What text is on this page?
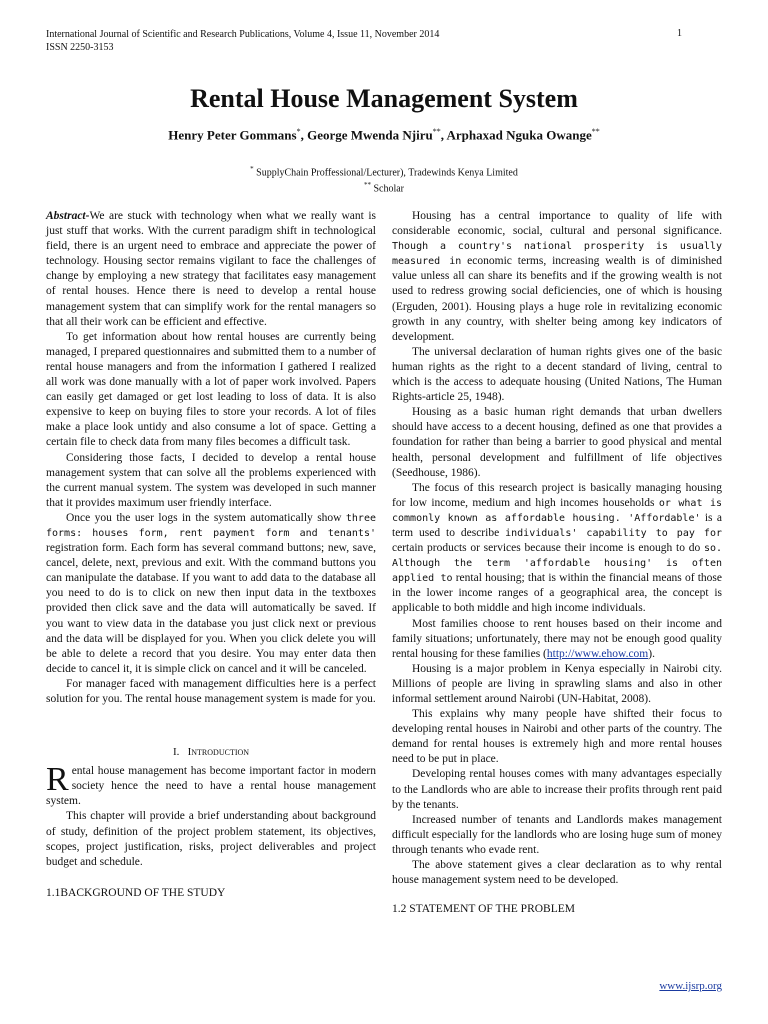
International Journal of Scientific and Research Publications, Volume 4, Issue 11, November 2014
ISSN 2250-3153
1
Rental House Management System
Henry Peter Gommans*, George Mwenda Njiru**, Arphaxad Nguka Owange**
* SupplyChain Proffessional/Lecturer), Tradewinds Kenya Limited
** Scholar

Abstract-We are stuck with technology when what we really want is just stuff that works. With the current paradigm shift in technological field, there is an urgent need to embrace and appreciate the power of technology. Housing sector remains vigilant to face the challenges of change by employing a new strategy that facilitates easy management of rental houses. Hence there is need to develop a rental house management system that can simplify work for the rental managers so that all their work can be efficient and effective.

To get information about how rental houses are currently being managed, I prepared questionnaires and submitted them to a number of rental house managers and from the information I gathered I realized all work was done manually with a lot of paper work involved. Papers can easily get damaged or get lost leading to loss of data. It is also expensive to keep on buying files to store your records. A lot of files make a place look untidy and also consume a lot of space. Getting a certain file to check data from many files becomes a difficult task.

Considering those facts, I decided to develop a rental house management system that can solve all the problems experienced with the current manual system. The system was developed in such manner that it provides maximum user friendly interface.

Once you the user logs in the system automatically show three forms: houses form, rent payment form and tenants' registration form. Each form has several command buttons; new, save, cancel, delete, next, previous and exit. With the command buttons you can manipulate the database. If you want to add data to the database all you need to do is to click on new then input data in the textboxes provided then click save and the data will automatically be saved. If you want to view data in the database you just click next or previous and the data will be displayed for you. When you click delete you will be able to delete a record that you desire. You may enter data then decide to cancel it, it is simple click on cancel and it will be canceled.

For manager faced with management difficulties here is a perfect solution for you. The rental house management system is made for you.

I. Introduction

Rental house management has become important factor in modern society hence the need to have a rental house management system.

This chapter will provide a brief understanding about background of study, definition of the project problem statement, its objectives, scopes, project justification, risks, project deliverables and project budget and schedule.

1.1BACKGROUND OF THE STUDY

Housing has a central importance to quality of life with considerable economic, social, cultural and personal significance. Though a country's national prosperity is usually measured in economic terms, increasing wealth is of diminished value unless all can share its benefits and if the growing wealth is not used to redress growing social deficiencies, one of which is housing (Erguden, 2001). Housing plays a huge role in revitalizing economic growth in any country, with shelter being among key indicators of development.

The universal declaration of human rights gives one of the basic human rights as the right to a decent standard of living, central to which is the access to adequate housing (United Nations, The Human Rights-article 25, 1948).

Housing as a basic human right demands that urban dwellers should have access to a decent housing, defined as one that provides a foundation for rather than being a barrier to good physical and mental health, personal development and fulfillment of life objectives (Seedhouse, 1986).

The focus of this research project is basically managing housing for low income, medium and high incomes households or what is commonly known as affordable housing. 'Affordable' is a term used to describe individuals' capability to pay for certain products or services because their income is enough to do so. Although the term 'affordable housing' is often applied to rental housing; that is within the financial means of those in the lower income ranges of a geographical area, the concept is applicable to both middle and high income individuals.

Most families choose to rent houses based on their income and family situations; unfortunately, there may not be enough good quality rental housing for these families (http://www.ehow.com).

Housing is a major problem in Kenya especially in Nairobi city. Millions of people are living in sprawling slams and also in other informal settlement around Nairobi (UN-Habitat, 2008).

This explains why many people have shifted their focus to developing rental houses in Nairobi and other parts of the country. The demand for rental houses is extremely high and more rental houses need to be put in place.

Developing rental houses comes with many advantages especially to the Landlords who are able to increase their profits through rent paid by the tenants.

Increased number of tenants and Landlords makes management difficult especially for the landlords who are losing huge sum of money through tenants who evade rent.

The above statement gives a clear declaration as to why rental house management system need to be developed.

1.2 STATEMENT OF THE PROBLEM
www.ijsrp.org
